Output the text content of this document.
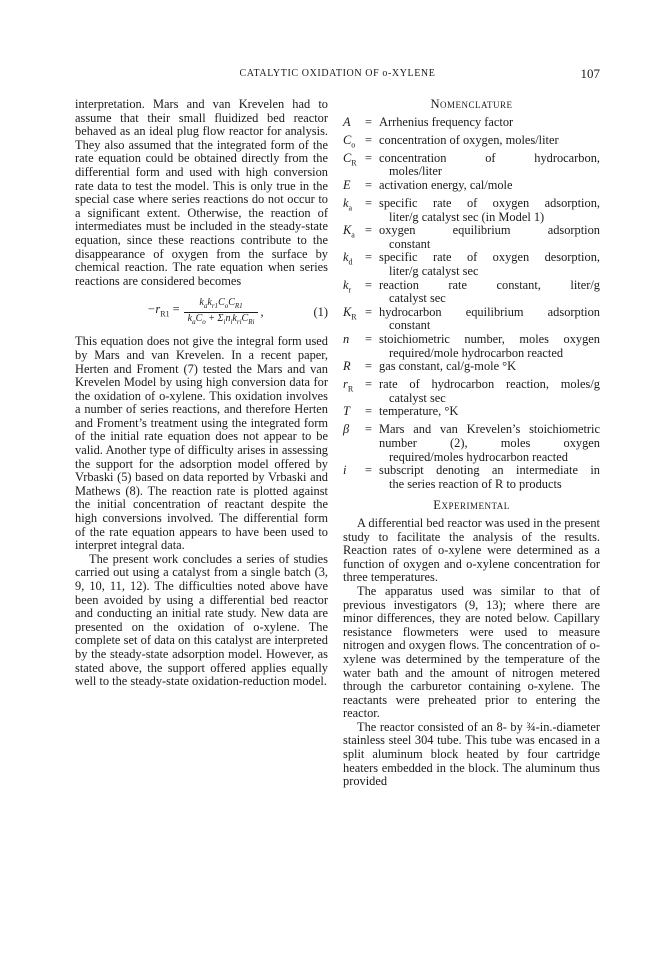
CATALYTIC OXIDATION OF o-XYLENE	107

interpretation. Mars and van Krevelen had to assume that their small fluidized bed reactor behaved as an ideal plug flow reactor for analysis. They also assumed that the integrated form of the rate equation could be obtained directly from the differential form and used with high conversion rate data to test the model. This is only true in the special case where series reactions do not occur to a significant extent. Otherwise, the reaction of intermediates must be included in the steady-state equation, since these reactions contribute to the disappearance of oxygen from the surface by chemical reaction. The rate equation when series reactions are considered becomes

$-r_{R1} = \frac{k_ak_{r1}C_oC_{R1}}{k_aC_o + \Sigma_in_ik_{ri}C_{Ri}}$ ,	(1)

This equation does not give the integral form used by Mars and van Krevelen. In a recent paper, Herten and Froment (7) tested the Mars and van Krevelen Model by using high conversion data for the oxidation of o-xylene. This oxidation involves a number of series reactions, and therefore Herten and Froment’s treatment using the integrated form of the initial rate equation does not appear to be valid. Another type of difficulty arises in assessing the support for the adsorption model offered by Vrbaski (5) based on data reported by Vrbaski and Mathews (8). The reaction rate is plotted against the initial concentration of reactant despite the high conversions involved. The differential form of the rate equation appears to have been used to interpret integral data.

The present work concludes a series of studies carried out using a catalyst from a single batch (3, 9, 10, 11, 12). The difficulties noted above have been avoided by using a differential bed reactor and conducting an initial rate study. New data are presented on the oxidation of o-xylene. The complete set of data on this catalyst are interpreted by the steady-state adsorption model. However, as stated above, the support offered applies equally well to the steady-state oxidation-reduction model.

Nomenclature
A	= Arrhenius frequency factor
$C_o$ = concentration of oxygen, moles/liter
$C_R$ = concentration of hydrocarbon,
moles/liter
E	= activation energy, cal/mole
$k_a$	= specific rate of oxygen adsorption,
liter/g catalyst sec (in Model 1)
$K_a$ = oxygen equilibrium adsorption
constant
$k_d$	= specific rate of oxygen desorption,
liter/g catalyst sec
$k_r$	= reaction rate constant, liter/g
catalyst sec
$K_R$ = hydrocarbon equilibrium adsorption
constant
n	= stoichiometric number, moles oxygen
required/mole hydrocarbon reacted
R	= gas constant, cal/g-mole °K
$r_R$ = rate of hydrocarbon reaction, moles/g
catalyst sec
T	= temperature, °K
β	= Mars and van Krevelen’s stoichiometric number (2), moles oxygen
required/moles hydrocarbon reacted
i	= subscript denoting an intermediate in
the series reaction of R to products
Experimental

A differential bed reactor was used in the present study to facilitate the analysis of the results. Reaction rates of o-xylene were determined as a function of oxygen and o-xylene concentration for three temperatures.

The apparatus used was similar to that of previous investigators (9, 13); where there are minor differences, they are noted below. Capillary resistance flowmeters were used to measure nitrogen and oxygen flows. The concentration of o-xylene was determined by the temperature of the water bath and the amount of nitrogen metered through the carburetor containing o-xylene. The reactants were preheated prior to entering the reactor.

The reactor consisted of an 8- by ¾-in.-diameter stainless steel 304 tube. This tube was encased in a split aluminum block heated by four cartridge heaters embedded in the block. The aluminum thus provided
